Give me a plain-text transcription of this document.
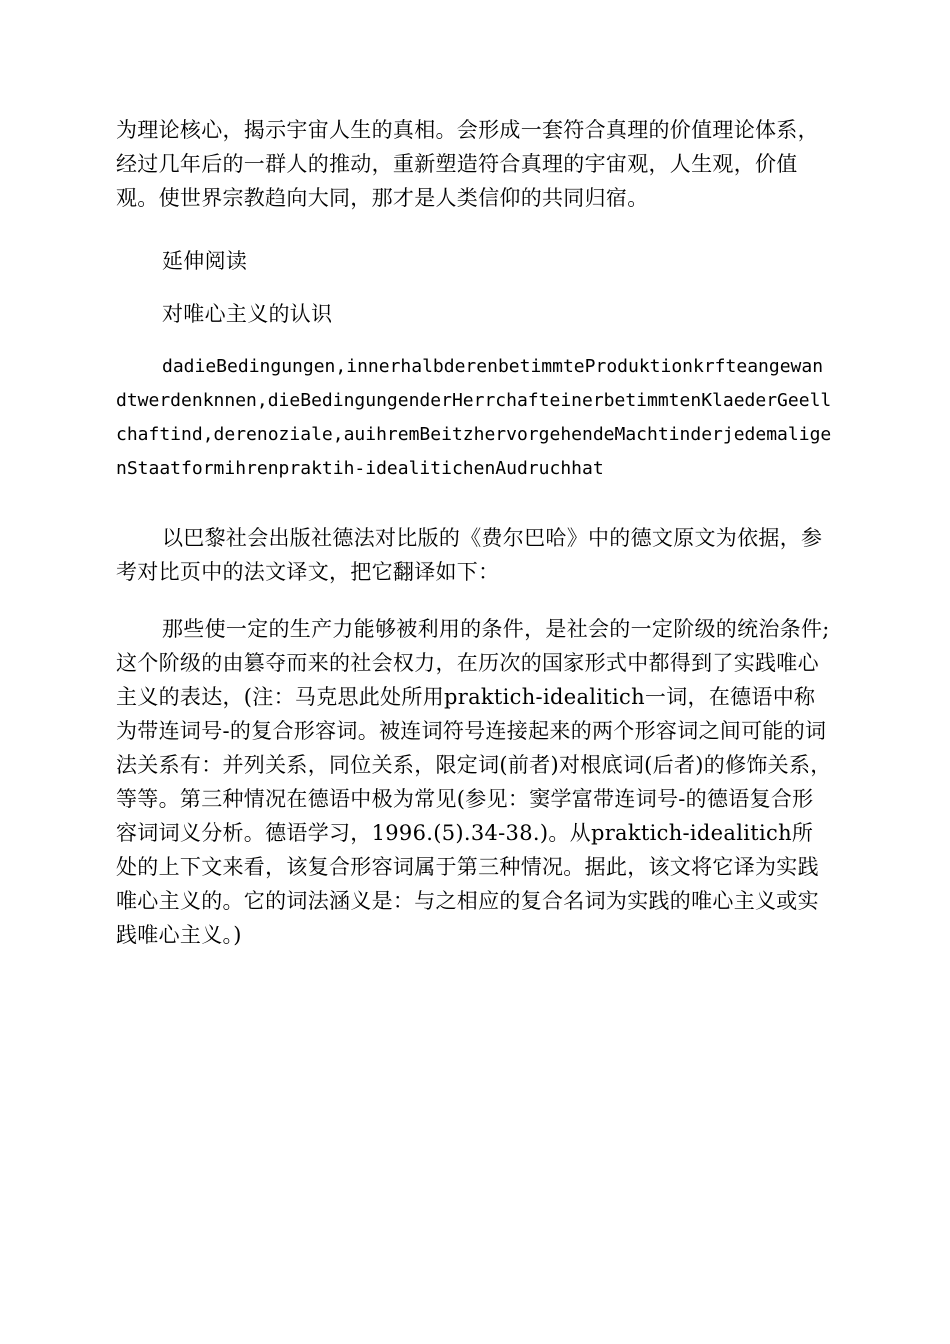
为理论核心，揭示宇宙人生的真相。会形成一套符合真理的价值理论体系，经过几年后的一群人的推动，重新塑造符合真理的宇宙观，人生观，价值观。使世界宗教趋向大同，那才是人类信仰的共同归宿。

延伸阅读

对唯心主义的认识

dadieBedingungen,innerhalbderenbetimmteProduktionkrfteangewandtwerdenknnen,dieBedingungenderHerrchafteinerbetimmtenKlaederGeellchaftind,derenoziale,auihremBeitzhervorgehendeMachtinderjedemaligenStaatformihrenpraktih-idealitichenAudruchhat

以巴黎社会出版社德法对比版的《费尔巴哈》中的德文原文为依据，参考对比页中的法文译文，把它翻译如下：

那些使一定的生产力能够被利用的条件，是社会的一定阶级的统治条件;这个阶级的由篡夺而来的社会权力，在历次的国家形式中都得到了实践唯心主义的表达，(注：马克思此处所用praktich-idealitich一词，在德语中称为带连词号-的复合形容词。被连词符号连接起来的两个形容词之间可能的词法关系有：并列关系，同位关系，限定词(前者)对根底词(后者)的修饰关系，等等。第三种情况在德语中极为常见(参见：窦学富带连词号-的德语复合形容词词义分析。德语学习，1996.(5).34-38.)。从praktich-idealitich所处的上下文来看，该复合形容词属于第三种情况。据此，该文将它译为实践唯心主义的。它的词法涵义是：与之相应的复合名词为实践的唯心主义或实践唯心主义。)
